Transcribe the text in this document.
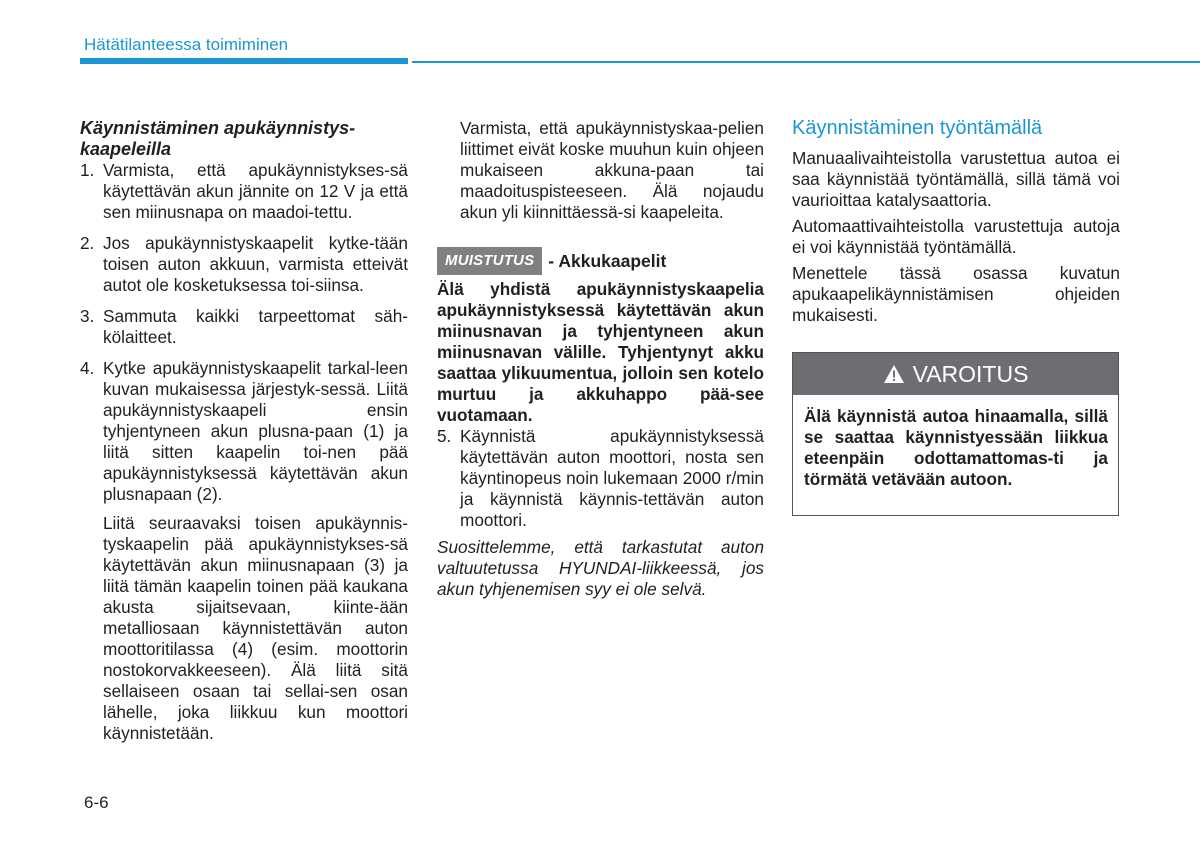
Hätätilanteessa toimiminen
Käynnistäminen apukäynnistys-
kaapeleilla
1. Varmista, että apukäynnistykses-sä käytettävän akun jännite on 12 V ja että sen miinusnapa on maadoi-tettu.
2. Jos apukäynnistyskaapelit kytke-tään toisen auton akkuun, varmista etteivät autot ole kosketuksessa toi-siinsa.
3. Sammuta kaikki tarpeettomat säh-kölaitteet.
4. Kytke apukäynnistyskaapelit tarkal-leen kuvan mukaisessa järjestyk-sessä. Liitä apukäynnistyskaapeli ensin tyhjentyneen akun plusna-paan (1) ja liitä sitten kaapelin toi-nen pää apukäynnistyksessä käytettävän akun plusnapaan (2).
Liitä seuraavaksi toisen apukäynnis-tyskaapelin pää apukäynnistykses-sä käytettävän akun miinusnapaan (3) ja liitä tämän kaapelin toinen pää kaukana akusta sijaitsevaan, kiinte-ään metalliosaan käynnistettävän auton moottoritilassa (4) (esim. moottorin nostokorvakkeeseen). Älä liitä sitä sellaiseen osaan tai sellai-sen osan lähelle, joka liikkuu kun moottori käynnistetään.
Varmista, että apukäynnistyskaa-pelien liittimet eivät koske muuhun kuin ohjeen mukaiseen akkuna-paan tai maadoituspisteeseen. Älä nojaudu akun yli kiinnittäessä-si kaapeleita.
MUISTUTUS - Akkukaapelit
Älä yhdistä apukäynnistyskaapelia apukäynnistyksessä käytettävän akun miinusnavan ja tyhjentyneen akun miinusnavan välille. Tyhjentynyt akku saattaa ylikuumentua, jolloin sen kotelo murtuu ja akkuhappo pää-see vuotamaan.
5. Käynnistä apukäynnistyksessä käytettävän auton moottori, nosta sen käyntinopeus noin lukemaan 2000 r/min ja käynnistä käynnis-tettävän auton moottori.
Suosittelemme, että tarkastutat auton valtuutetussa HYUNDAI-liikkeessä, jos akun tyhjenemisen syy ei ole selvä.
Käynnistäminen työntämällä

Manuaalivaihteistolla varustettua autoa ei saa käynnistää työntämällä, sillä tämä voi vaurioittaa katalysaattoria.

Automaattivaihteistolla varustettuja autoja ei voi käynnistää työntämällä.

Menettele tässä osassa kuvatun apukaapelikäynnistämisen ohjeiden mukaisesti.

VAROITUS
Älä käynnistä autoa hinaamalla, sillä se saattaa käynnistyessään liikkua eteenpäin odottamattomas-ti ja törmätä vetävään autoon.
6-6
